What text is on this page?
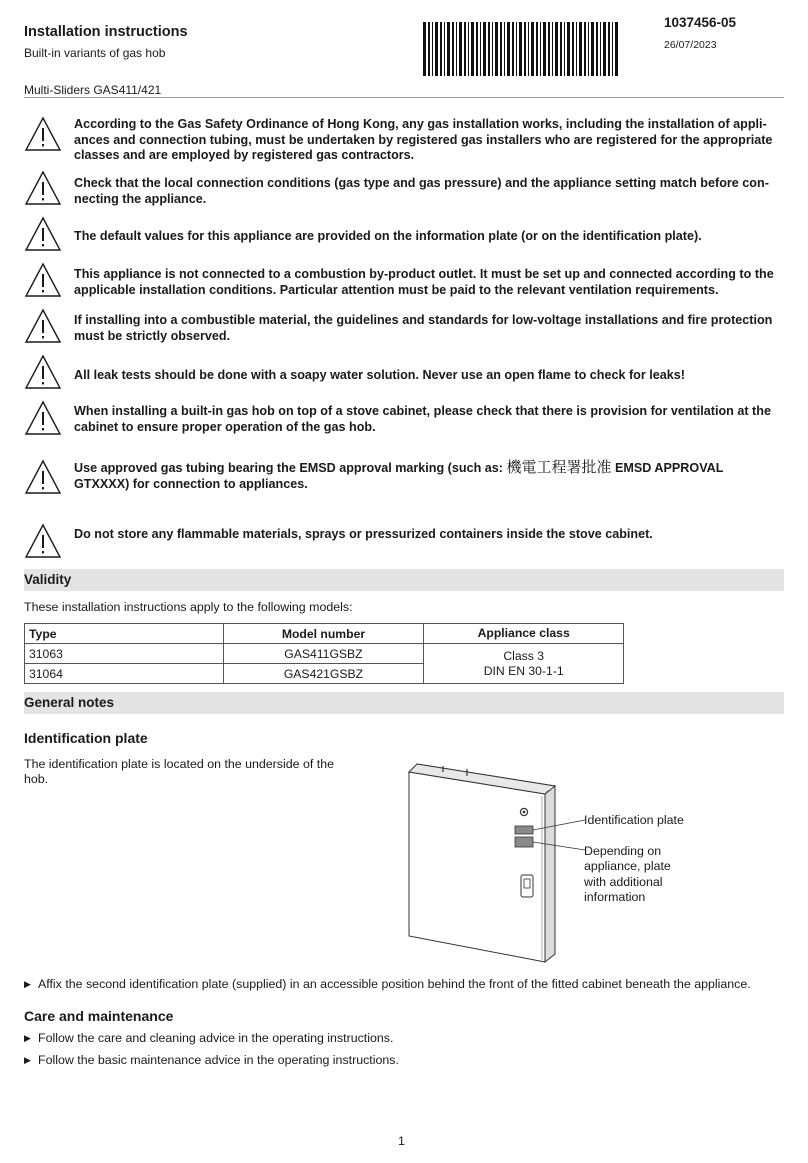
Installation instructions
Built-in variants of gas hob
Multi-Sliders GAS411/421
1037456-05
26/07/2023
According to the Gas Safety Ordinance of Hong Kong, any gas installation works, including the installation of appli-ances and connection tubing, must be undertaken by registered gas installers who are registered for the appropriate classes and are employed by registered gas contractors.
Check that the local connection conditions (gas type and gas pressure) and the appliance setting match before con-necting the appliance.
The default values for this appliance are provided on the information plate (or on the identification plate).
This appliance is not connected to a combustion by-product outlet. It must be set up and connected according to the applicable installation conditions. Particular attention must be paid to the relevant ventilation requirements.
If installing into a combustible material, the guidelines and standards for low-voltage installations and fire protection must be strictly observed.
All leak tests should be done with a soapy water solution. Never use an open flame to check for leaks!
When installing a built-in gas hob on top of a stove cabinet, please check that there is provision for ventilation at the cabinet to ensure proper operation of the gas hob.
Use approved gas tubing bearing the EMSD approval marking (such as: 機電工程署批准 EMSD APPROVAL GTXXXX) for connection to appliances.
Do not store any flammable materials, sprays or pressurized containers inside the stove cabinet.
Validity
These installation instructions apply to the following models:
Type	Model number	Appliance class
31063	GAS411GSBZ	Class 3
DIN EN 30-1-1

31064	GAS421GSBZ	
General notes
Identification plate
The identification plate is located on the underside of the hob.
Identification plate
Depending on appliance, plate with additional information
▶ Affix the second identification plate (supplied) in an accessible position behind the front of the fitted cabinet beneath the appliance.
Care and maintenance
▶ Follow the care and cleaning advice in the operating instructions.
▶ Follow the basic maintenance advice in the operating instructions.
1
